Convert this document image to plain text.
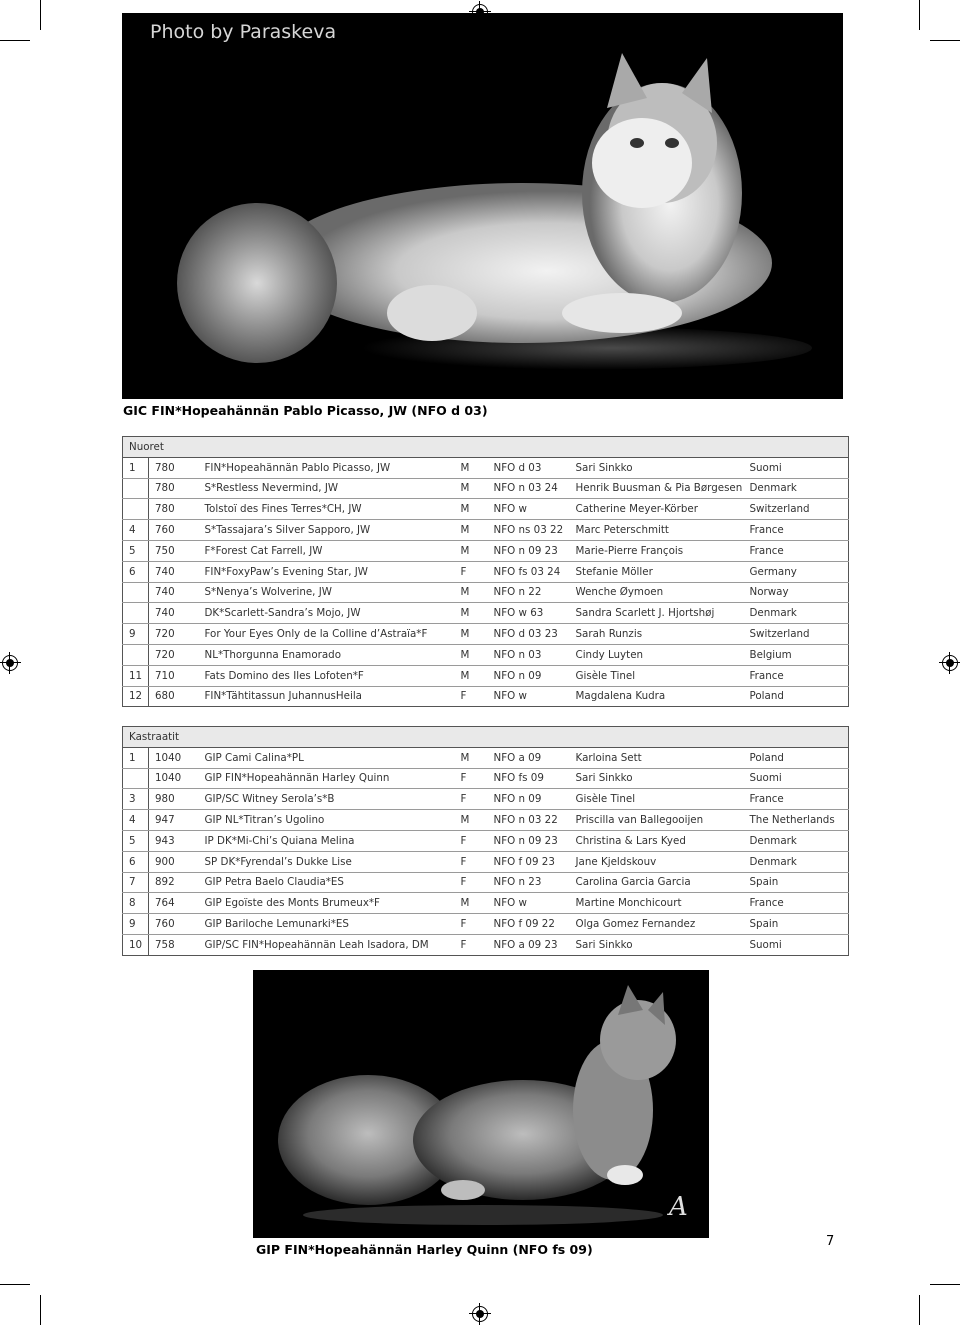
Photo by Paraskeva
GIC FIN*Hopeahännän Pablo Picasso, JW (NFO d 03)
Nuoret						
1	780	FIN*Hopeahännän Pablo Picasso, JW	M	NFO d 03	Sari Sinkko	Suomi
	780	S*Restless Nevermind, JW	M	NFO n 03 24	Henrik Buusman & Pia Børgesen	Denmark
	780	Tolstoï des Fines Terres*CH, JW	M	NFO w	Catherine Meyer-Körber	Switzerland
4	760	S*Tassajara’s Silver Sapporo, JW	M	NFO ns 03 22	Marc Peterschmitt	France
5	750	F*Forest Cat Farrell, JW	M	NFO n 09 23	Marie-Pierre François	France
6	740	FIN*FoxyPaw’s Evening Star, JW	F	NFO fs 03 24	Stefanie Möller	Germany
	740	S*Nenya’s Wolverine, JW	M	NFO n 22	Wenche Øymoen	Norway
	740	DK*Scarlett-Sandra’s Mojo, JW	M	NFO w 63	Sandra Scarlett J. Hjortshøj	Denmark
9	720	For Your Eyes Only de la Colline d’Astraïa*F	M	NFO d 03 23	Sarah Runzis	Switzerland
	720	NL*Thorgunna Enamorado	M	NFO n 03	Cindy Luyten	Belgium
11	710	Fats Domino des Iles Lofoten*F	M	NFO n 09	Gisèle Tinel	France
12	680	FIN*Tähtitassun JuhannusHeila	F	NFO w	Magdalena Kudra	Poland
Kastraatit						
1	1040	GIP Cami Calina*PL	M	NFO a 09	Karloina Sett	Poland
	1040	GIP FIN*Hopeahännän Harley Quinn	F	NFO fs 09	Sari Sinkko	Suomi
3	980	GIP/SC Witney Serola’s*B	F	NFO n 09	Gisèle Tinel	France
4	947	GIP NL*Titran’s Ugolino	M	NFO n 03 22	Priscilla van Ballegooijen	The Netherlands
5	943	IP DK*Mi-Chi’s Quiana Melina	F	NFO n 09 23	Christina & Lars Kyed	Denmark
6	900	SP DK*Fyrendal’s Dukke Lise	F	NFO f 09 23	Jane Kjeldskouv	Denmark
7	892	GIP Petra Baelo Claudia*ES	F	NFO n 23	Carolina Garcia Garcia	Spain
8	764	GIP Egoïste des Monts Brumeux*F	M	NFO w	Martine Monchicourt	France
9	760	GIP Bariloche Lemunarki*ES	F	NFO f 09 22	Olga Gomez Fernandez	Spain
10	758	GIP/SC FIN*Hopeahännän Leah Isadora, DM	F	NFO a 09 23	Sari Sinkko	Suomi
A
GIP FIN*Hopeahännän Harley Quinn (NFO fs 09)
7
